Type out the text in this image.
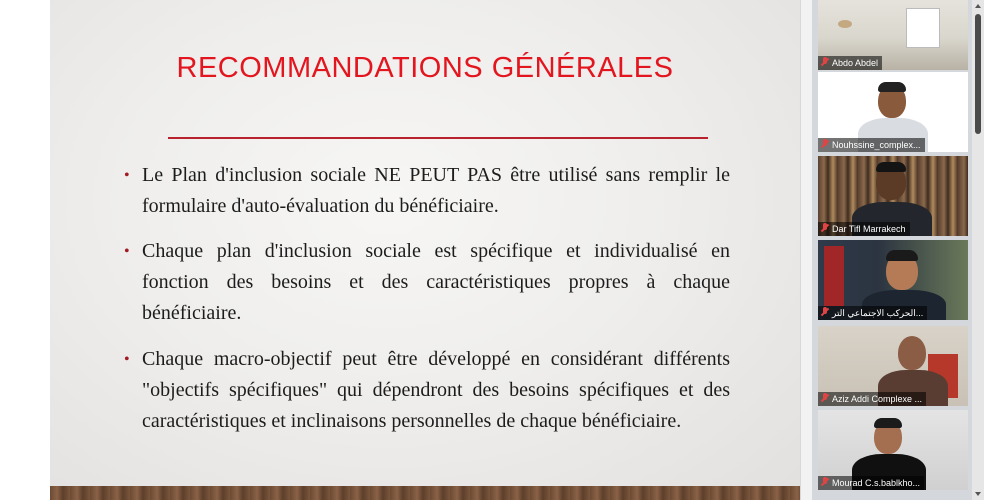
RECOMMANDATIONS GÉNÉRALES
• Le Plan d'inclusion sociale NE PEUT PAS être utilisé sans remplir le formulaire d'auto-évaluation du bénéficiaire.
• Chaque plan d'inclusion sociale est spécifique et individualisé en fonction des besoins et des caractéristiques propres à chaque bénéficiaire.
• Chaque macro-objectif peut être développé en considérant différents "objectifs spécifiques" qui dépendront des besoins spécifiques et des caractéristiques et inclinaisons personnelles de chaque bénéficiaire.
Abdo Abdel
Nouhssine_complex...
Dar Tifl Marrakech
الحركب الاجتماعي التر...
Aziz Addi Complexe ...
Mourad C.s.bablkho...
